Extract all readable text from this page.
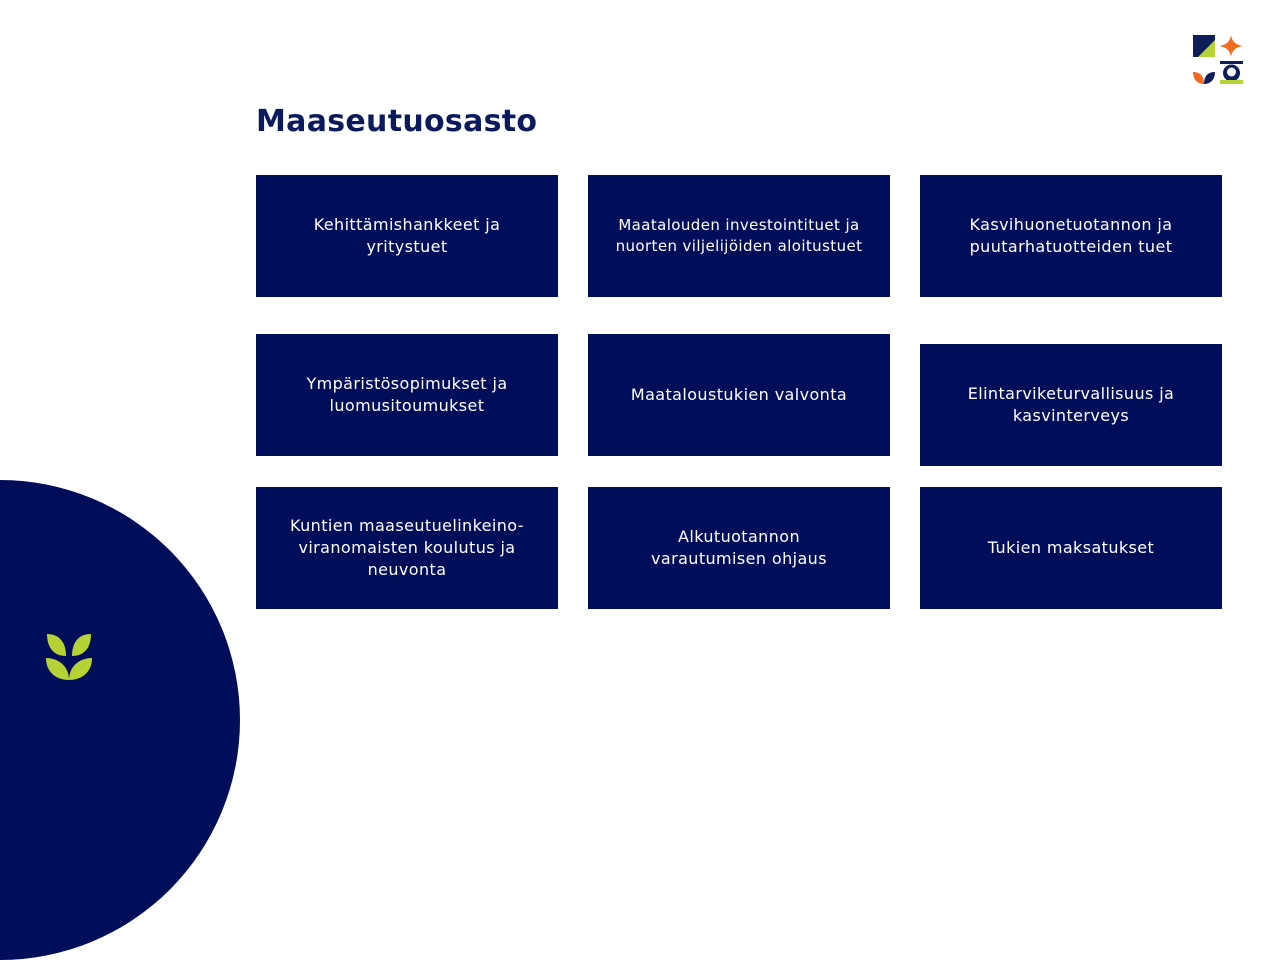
Maaseutuosasto
Kehittämishankkeet ja
yritystuet
Maatalouden investointituet ja
nuorten viljelijöiden aloitustuet
Kasvihuonetuotannon ja
puutarhatuotteiden tuet
Ympäristösopimukset ja
luomusitoumukset
Maataloustukien valvonta	Elintarviketurvallisuus ja
kasvinterveys
Kuntien maaseutuelinkeino-
viranomaisten koulutus ja
neuvonta
Alkutuotannon
varautumisen ohjaus
Tukien maksatukset
